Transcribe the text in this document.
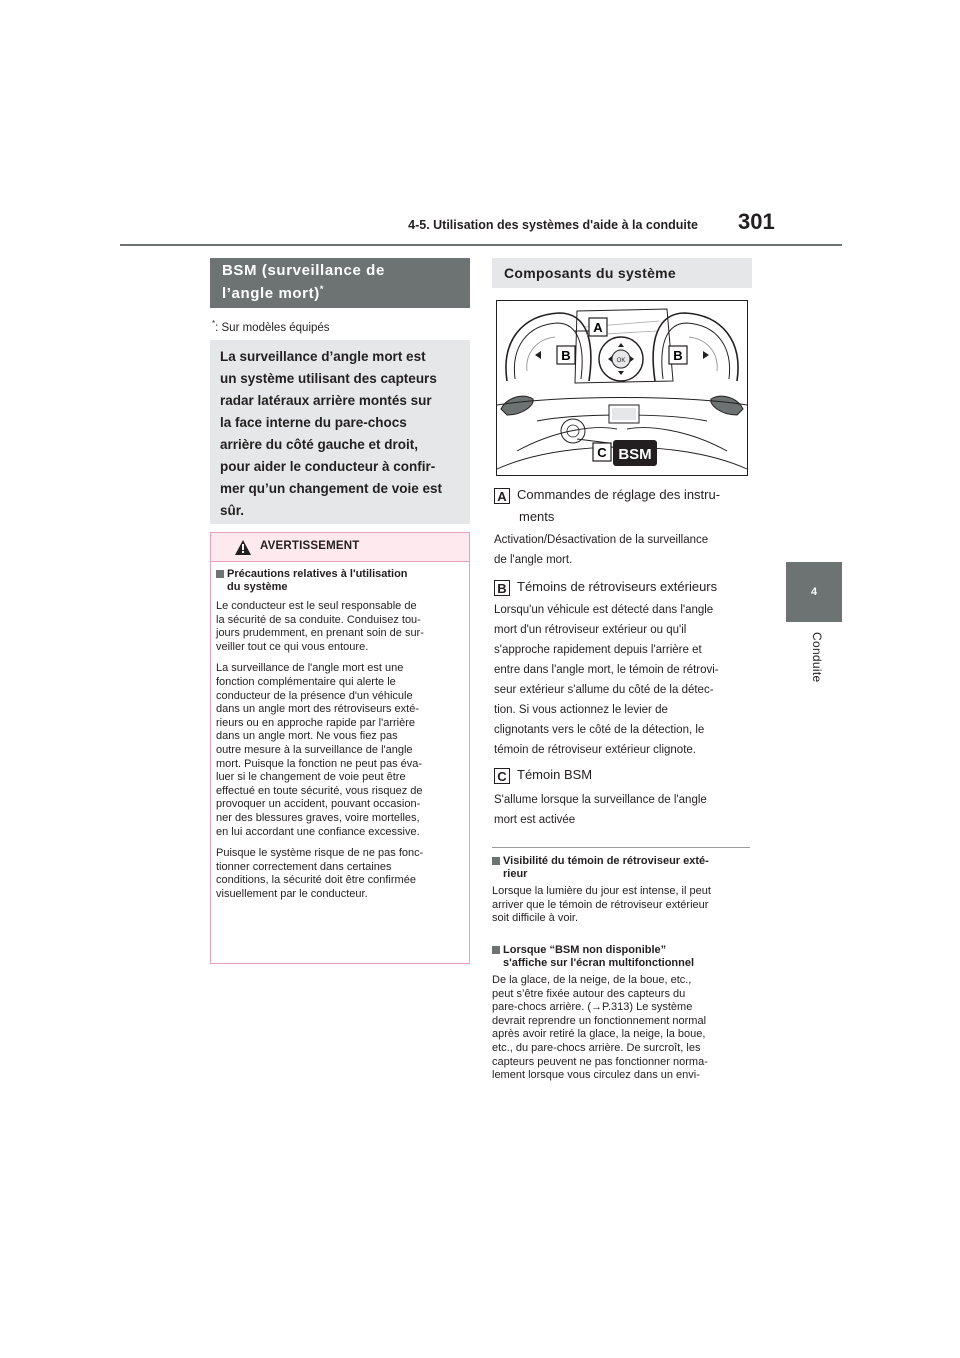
4-5. Utilisation des systèmes d'aide à la conduite 301
4
Conduite
BSM (surveillance de
l’angle mort)*
*: Sur modèles équipés
La surveillance d’angle mort est
un système utilisant des capteurs
radar latéraux arrière montés sur
la face interne du pare-chocs
arrière du côté gauche et droit,
pour aider le conducteur à confir-
mer qu’un changement de voie est
sûr.
AVERTISSEMENT
Précautions relatives à l'utilisation
du système

Le conducteur est le seul responsable de
la sécurité de sa conduite. Conduisez tou-
jours prudemment, en prenant soin de sur-
veiller tout ce qui vous entoure.

La surveillance de l'angle mort est une
fonction complémentaire qui alerte le
conducteur de la présence d'un véhicule
dans un angle mort des rétroviseurs exté-
rieurs ou en approche rapide par l'arrière
dans un angle mort. Ne vous fiez pas
outre mesure à la surveillance de l'angle
mort. Puisque la fonction ne peut pas éva-
luer si le changement de voie peut être
effectué en toute sécurité, vous risquez de
provoquer un accident, pouvant occasion-
ner des blessures graves, voire mortelles,
en lui accordant une confiance excessive.

Puisque le système risque de ne pas fonc-
tionner correctement dans certaines
conditions, la sécurité doit être confirmée
visuellement par le conducteur.

Composants du système
OK
A
B	B
C BSM
A Commandes de réglage des instru-
ments
Activation/Désactivation de la surveillance
de l'angle mort.
B Témoins de rétroviseurs extérieurs
Lorsqu'un véhicule est détecté dans l'angle
mort d'un rétroviseur extérieur ou qu'il
s'approche rapidement depuis l'arrière et
entre dans l'angle mort, le témoin de rétrovi-
seur extérieur s'allume du côté de la détec-
tion. Si vous actionnez le levier de
clignotants vers le côté de la détection, le
témoin de rétroviseur extérieur clignote.
C Témoin BSM
S'allume lorsque la surveillance de l'angle
mort est activée
Visibilité du témoin de rétroviseur exté-
rieur
Lorsque la lumière du jour est intense, il peut
arriver que le témoin de rétroviseur extérieur
soit difficile à voir.
Lorsque “BSM non disponible”
s'affiche sur l'écran multifonctionnel
De la glace, de la neige, de la boue, etc.,
peut s’être fixée autour des capteurs du
pare-chocs arrière. (→P.313) Le système
devrait reprendre un fonctionnement normal
après avoir retiré la glace, la neige, la boue,
etc., du pare-chocs arrière. De surcroît, les
capteurs peuvent ne pas fonctionner norma-
lement lorsque vous circulez dans un envi-
